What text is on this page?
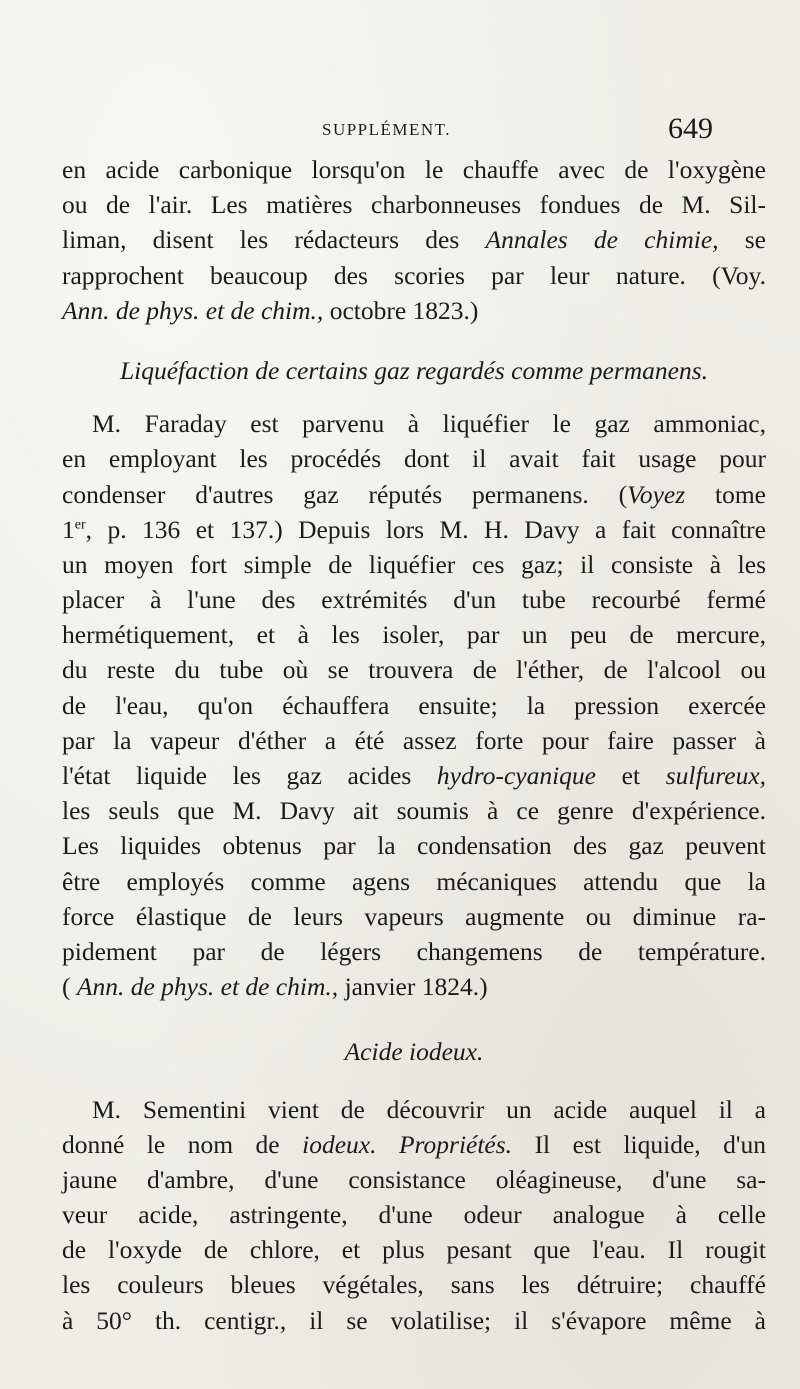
SUPPLÉMENT.	649
en acide carbonique lorsqu'on le chauffe avec de l'oxygène
ou de l'air. Les matières charbonneuses fondues de M. Sil-
liman, disent les rédacteurs des Annales de chimie, se
rapprochent beaucoup des scories par leur nature. (Voy.
Ann. de phys. et de chim., octobre 1823.)
Liquéfaction de certains gaz regardés comme permanens.
M. Faraday est parvenu à liquéfier le gaz ammoniac,
en employant les procédés dont il avait fait usage pour
condenser d'autres gaz réputés permanens. (Voyez tome
1er, p. 136 et 137.) Depuis lors M. H. Davy a fait connaître
un moyen fort simple de liquéfier ces gaz; il consiste à les
placer à l'une des extrémités d'un tube recourbé fermé
hermétiquement, et à les isoler, par un peu de mercure,
du reste du tube où se trouvera de l'éther, de l'alcool ou
de l'eau, qu'on échauffera ensuite; la pression exercée
par la vapeur d'éther a été assez forte pour faire passer à
l'état liquide les gaz acides hydro-cyanique et sulfureux,
les seuls que M. Davy ait soumis à ce genre d'expérience.
Les liquides obtenus par la condensation des gaz peuvent
être employés comme agens mécaniques attendu que la
force élastique de leurs vapeurs augmente ou diminue ra-
pidement par de légers changemens de température.
( Ann. de phys. et de chim., janvier 1824.)
Acide iodeux.
M. Sementini vient de découvrir un acide auquel il a
donné le nom de iodeux. Propriétés. Il est liquide, d'un
jaune d'ambre, d'une consistance oléagineuse, d'une sa-
veur acide, astringente, d'une odeur analogue à celle
de l'oxyde de chlore, et plus pesant que l'eau. Il rougit
les couleurs bleues végétales, sans les détruire; chauffé
à 50° th. centigr., il se volatilise; il s'évapore même à
